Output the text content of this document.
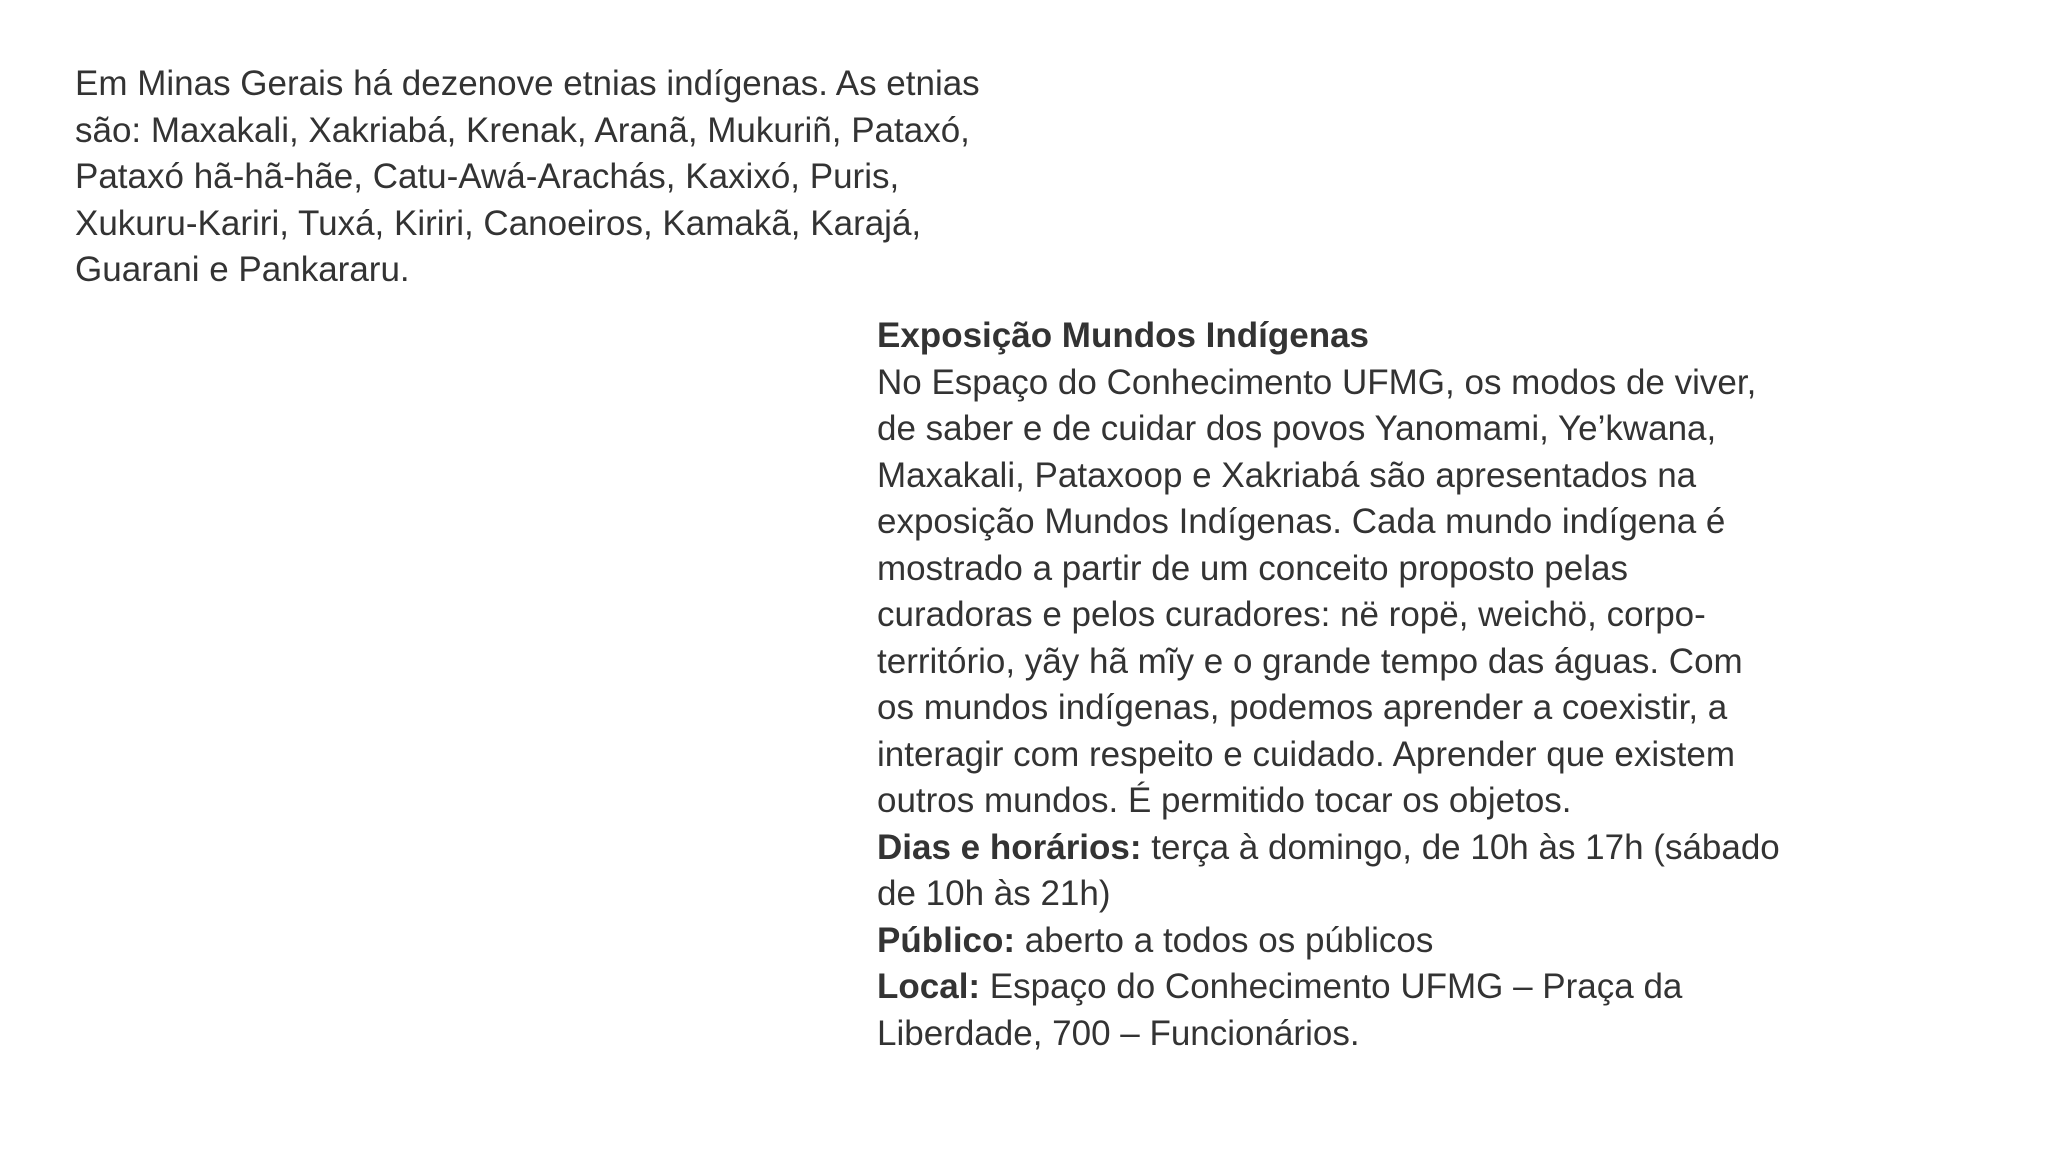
Em Minas Gerais há dezenove etnias indígenas. As etnias
são: Maxakali, Xakriabá, Krenak, Aranã, Mukuriñ, Pataxó,
Pataxó hã-hã-hãe, Catu-Awá-Arachás, Kaxixó, Puris,
Xukuru-Kariri, Tuxá, Kiriri, Canoeiros, Kamakã, Karajá,
Guarani e Pankararu.
Exposição Mundos Indígenas
No Espaço do Conhecimento UFMG, os modos de viver,
de saber e de cuidar dos povos Yanomami, Ye’kwana,
Maxakali, Pataxoop e Xakriabá são apresentados na
exposição Mundos Indígenas. Cada mundo indígena é
mostrado a partir de um conceito proposto pelas
curadoras e pelos curadores: në ropë, weichö, corpo-
território, yãy hã mĩy e o grande tempo das águas. Com
os mundos indígenas, podemos aprender a coexistir, a
interagir com respeito e cuidado. Aprender que existem
outros mundos. É permitido tocar os objetos.
Dias e horários: terça à domingo, de 10h às 17h (sábado
de 10h às 21h)
Público: aberto a todos os públicos
Local: Espaço do Conhecimento UFMG – Praça da
Liberdade, 700 – Funcionários.
